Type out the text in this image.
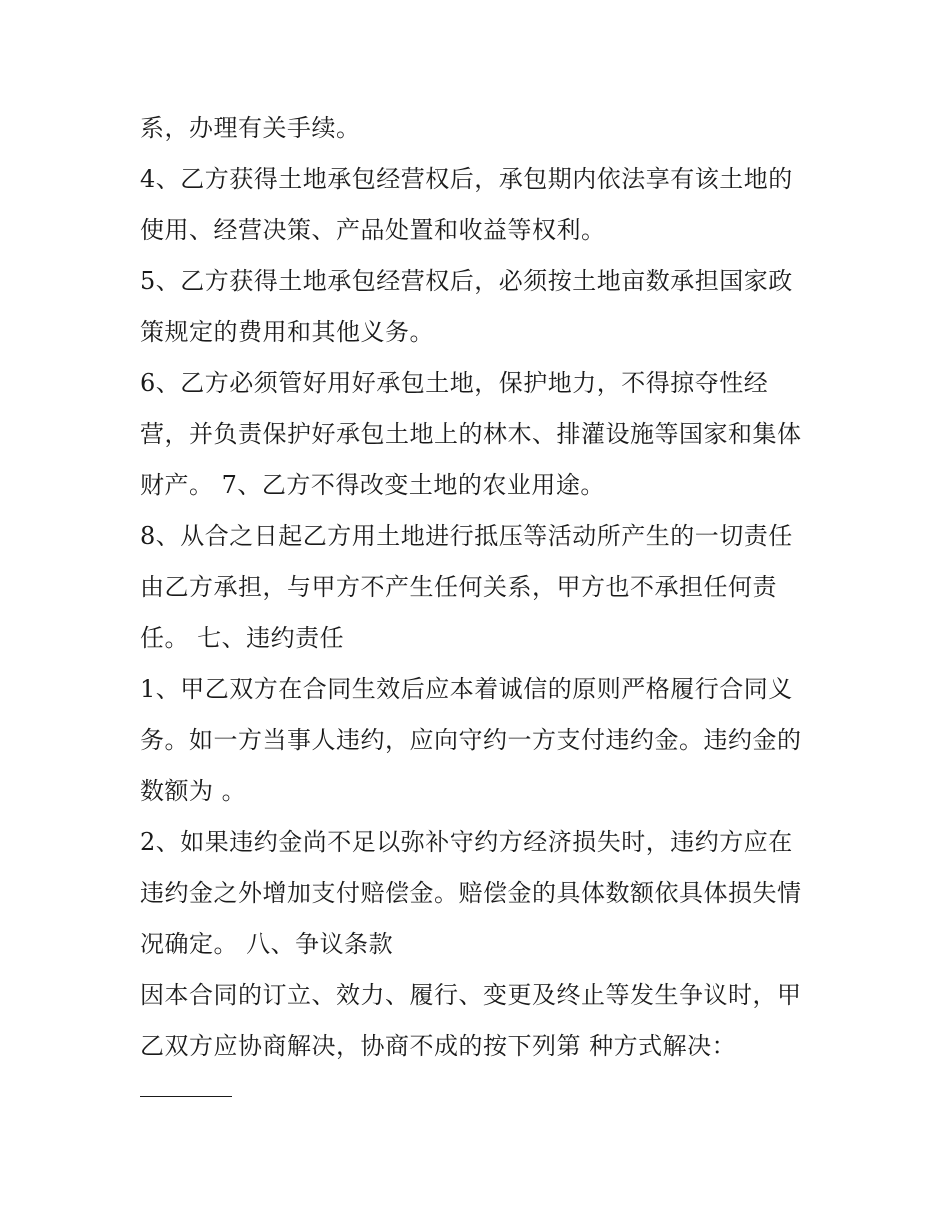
系，办理有关手续。
4、乙方获得土地承包经营权后，承包期内依法享有该土地的
使用、经营决策、产品处置和收益等权利。
5、乙方获得土地承包经营权后，必须按土地亩数承担国家政
策规定的费用和其他义务。
6、乙方必须管好用好承包土地，保护地力，不得掠夺性经
营，并负责保护好承包土地上的林木、排灌设施等国家和集体
财产。 7、乙方不得改变土地的农业用途。
8、从合之日起乙方用土地进行抵压等活动所产生的一切责任
由乙方承担，与甲方不产生任何关系，甲方也不承担任何责
任。 七、违约责任
1、甲乙双方在合同生效后应本着诚信的原则严格履行合同义
务。如一方当事人违约，应向守约一方支付违约金。违约金的
数额为 。
2、如果违约金尚不足以弥补守约方经济损失时，违约方应在
违约金之外增加支付赔偿金。赔偿金的具体数额依具体损失情
况确定。 八、争议条款
因本合同的订立、效力、履行、变更及终止等发生争议时，甲
乙双方应协商解决，协商不成的按下列第 种方式解决：
